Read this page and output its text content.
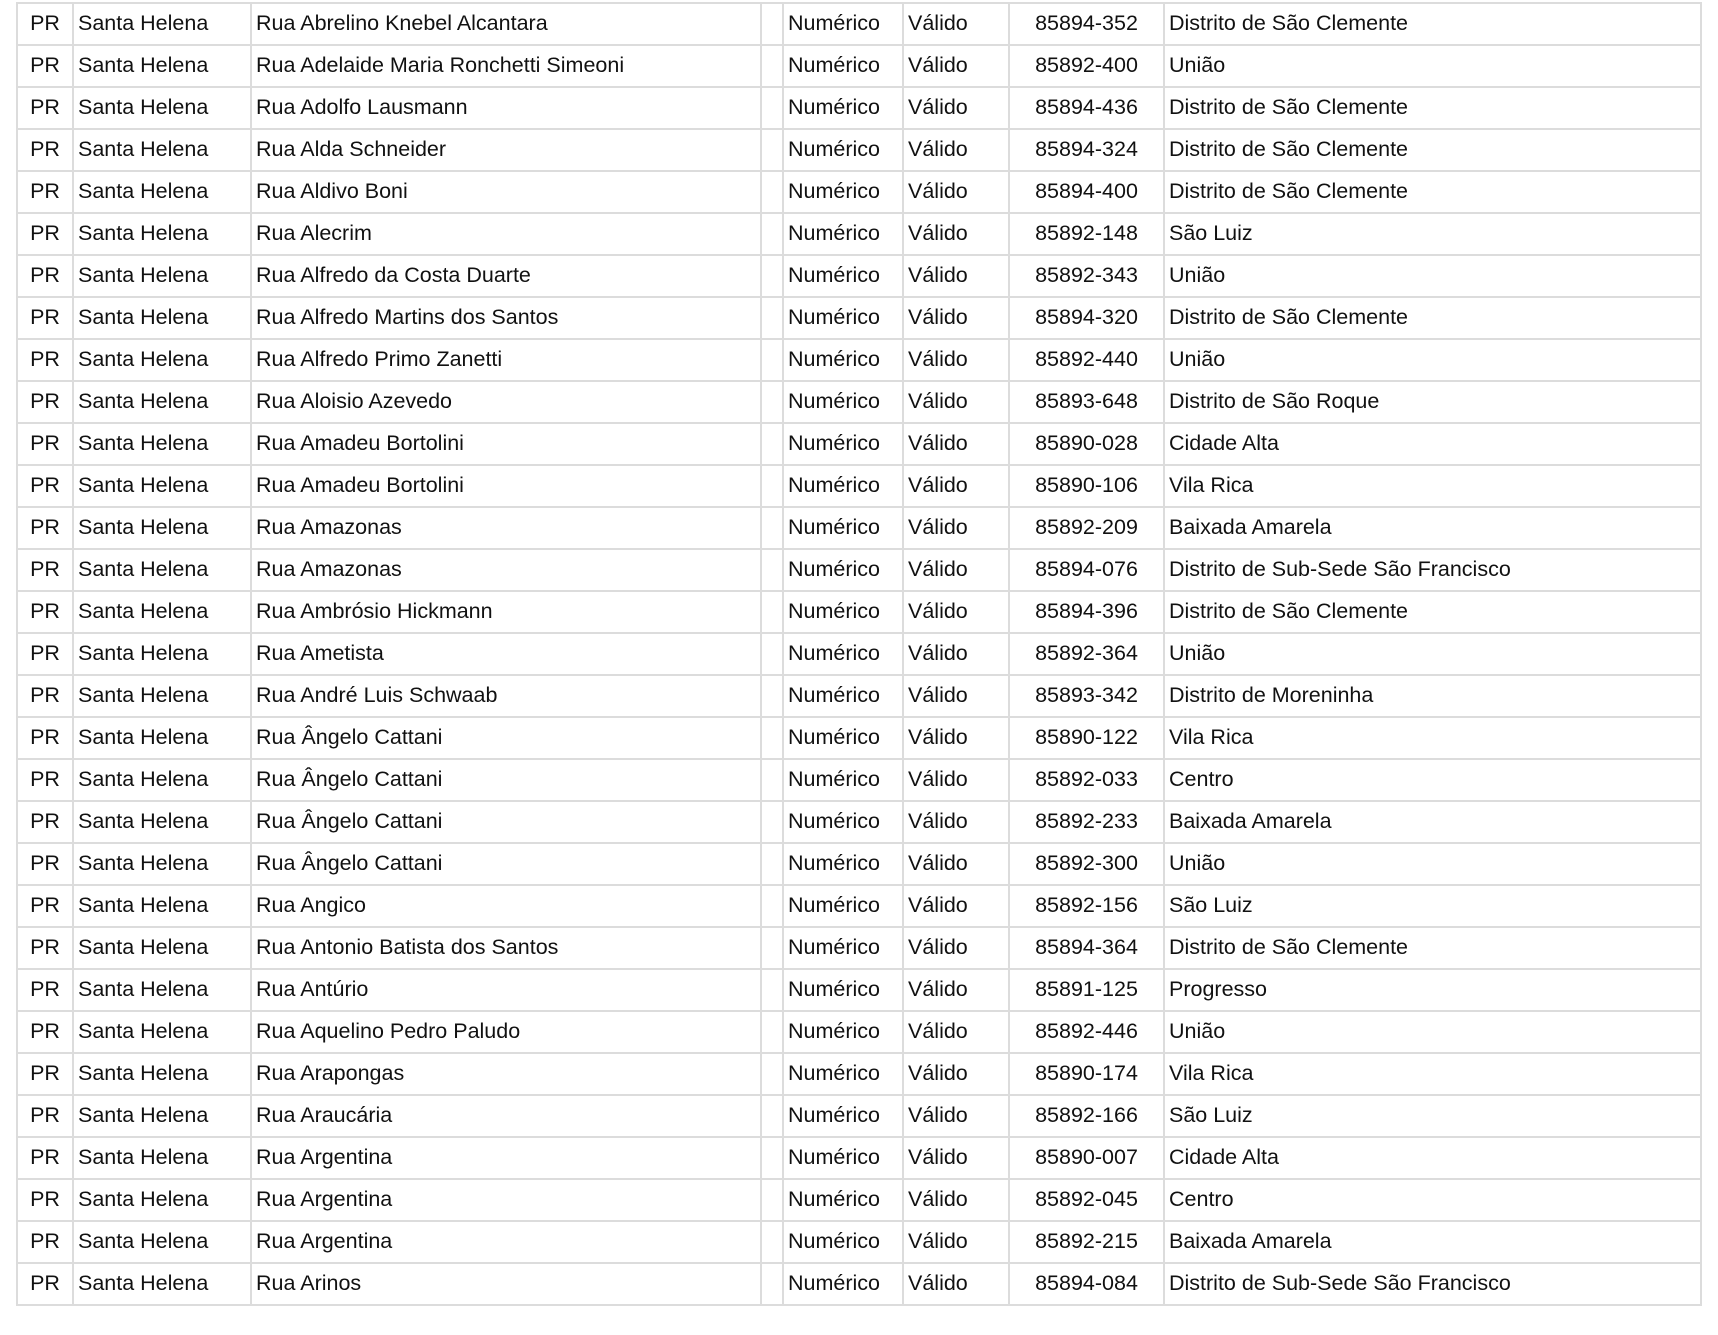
PR	Santa Helena	Rua Abrelino Knebel Alcantara		Numérico	Válido	85894-352	Distrito de São Clemente
PR	Santa Helena	Rua Adelaide Maria Ronchetti Simeoni		Numérico	Válido	85892-400	União
PR	Santa Helena	Rua Adolfo Lausmann		Numérico	Válido	85894-436	Distrito de São Clemente
PR	Santa Helena	Rua Alda Schneider		Numérico	Válido	85894-324	Distrito de São Clemente
PR	Santa Helena	Rua Aldivo Boni		Numérico	Válido	85894-400	Distrito de São Clemente
PR	Santa Helena	Rua Alecrim		Numérico	Válido	85892-148	São Luiz
PR	Santa Helena	Rua Alfredo da Costa Duarte		Numérico	Válido	85892-343	União
PR	Santa Helena	Rua Alfredo Martins dos Santos		Numérico	Válido	85894-320	Distrito de São Clemente
PR	Santa Helena	Rua Alfredo Primo Zanetti		Numérico	Válido	85892-440	União
PR	Santa Helena	Rua Aloisio Azevedo		Numérico	Válido	85893-648	Distrito de São Roque
PR	Santa Helena	Rua Amadeu Bortolini		Numérico	Válido	85890-028	Cidade Alta
PR	Santa Helena	Rua Amadeu Bortolini		Numérico	Válido	85890-106	Vila Rica
PR	Santa Helena	Rua Amazonas		Numérico	Válido	85892-209	Baixada Amarela
PR	Santa Helena	Rua Amazonas		Numérico	Válido	85894-076	Distrito de Sub-Sede São Francisco
PR	Santa Helena	Rua Ambrósio Hickmann		Numérico	Válido	85894-396	Distrito de São Clemente
PR	Santa Helena	Rua Ametista		Numérico	Válido	85892-364	União
PR	Santa Helena	Rua André Luis Schwaab		Numérico	Válido	85893-342	Distrito de Moreninha
PR	Santa Helena	Rua Ângelo Cattani		Numérico	Válido	85890-122	Vila Rica
PR	Santa Helena	Rua Ângelo Cattani		Numérico	Válido	85892-033	Centro
PR	Santa Helena	Rua Ângelo Cattani		Numérico	Válido	85892-233	Baixada Amarela
PR	Santa Helena	Rua Ângelo Cattani		Numérico	Válido	85892-300	União
PR	Santa Helena	Rua Angico		Numérico	Válido	85892-156	São Luiz
PR	Santa Helena	Rua Antonio Batista dos Santos		Numérico	Válido	85894-364	Distrito de São Clemente
PR	Santa Helena	Rua Antúrio		Numérico	Válido	85891-125	Progresso
PR	Santa Helena	Rua Aquelino Pedro Paludo		Numérico	Válido	85892-446	União
PR	Santa Helena	Rua Arapongas		Numérico	Válido	85890-174	Vila Rica
PR	Santa Helena	Rua Araucária		Numérico	Válido	85892-166	São Luiz
PR	Santa Helena	Rua Argentina		Numérico	Válido	85890-007	Cidade Alta
PR	Santa Helena	Rua Argentina		Numérico	Válido	85892-045	Centro
PR	Santa Helena	Rua Argentina		Numérico	Válido	85892-215	Baixada Amarela
PR	Santa Helena	Rua Arinos		Numérico	Válido	85894-084	Distrito de Sub-Sede São Francisco
